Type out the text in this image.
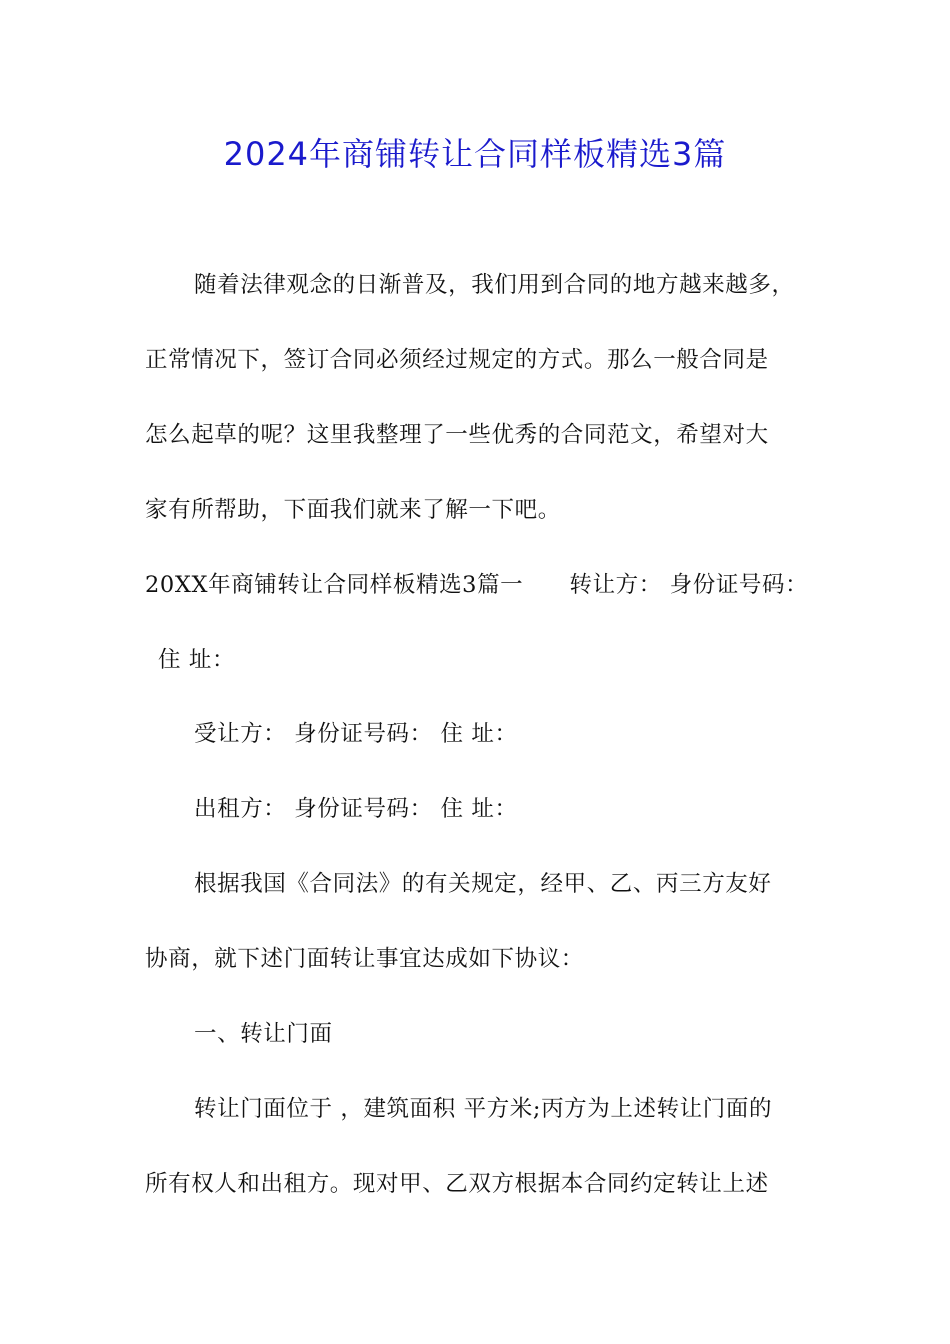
2024年商铺转让合同样板精选3篇
随着法律观念的日渐普及，我们用到合同的地方越来越多，
正常情况下，签订合同必须经过规定的方式。那么一般合同是
怎么起草的呢？这里我整理了一些优秀的合同范文，希望对大
家有所帮助，下面我们就来了解一下吧。
20XX年商铺转让合同样板精选3篇一　　转让方： 身份证号码：
住 址：
受让方： 身份证号码： 住 址：
出租方： 身份证号码： 住 址：
根据我国《合同法》的有关规定，经甲、乙、丙三方友好
协商，就下述门面转让事宜达成如下协议：
一、转让门面
转让门面位于 ，建筑面积 平方米;丙方为上述转让门面的
所有权人和出租方。现对甲、乙双方根据本合同约定转让上述
